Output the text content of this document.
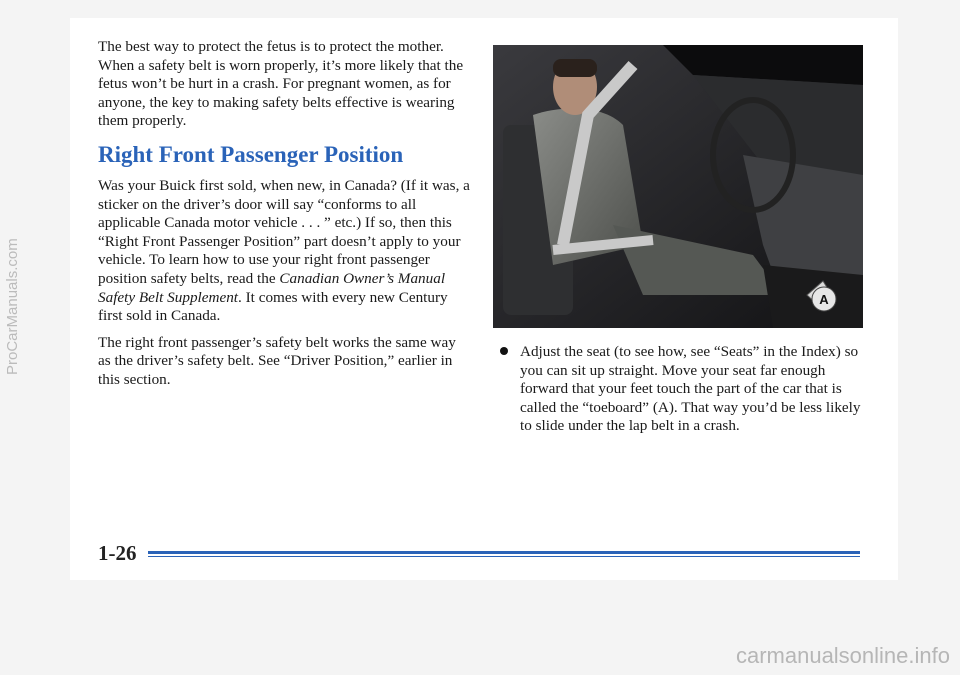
The best way to protect the fetus is to protect the mother. When a safety belt is worn properly, it’s more likely that the fetus won’t be hurt in a crash. For pregnant women, as for anyone, the key to making safety belts effective is wearing them properly.

Right Front Passenger Position

Was your Buick first sold, when new, in Canada? (If it was, a sticker on the driver’s door will say “conforms to all applicable Canada motor vehicle . . . ” etc.) If so, then this “Right Front Passenger Position” part doesn’t apply to your vehicle. To learn how to use your right front passenger position safety belts, read the Canadian Owner’s Manual Safety Belt Supplement. It comes with every new Century first sold in Canada.

The right front passenger’s safety belt works the same way as the driver’s safety belt. See “Driver Position,” earlier in this section.

A
Adjust the seat (to see how, see “Seats” in the Index) so you can sit up straight. Move your seat far enough forward that your feet touch the part of the car that is called the “toeboard” (A). That way you’d be less likely to slide under the lap belt in a crash.
1-26
ProCarManuals.com
carmanualsonline.info
